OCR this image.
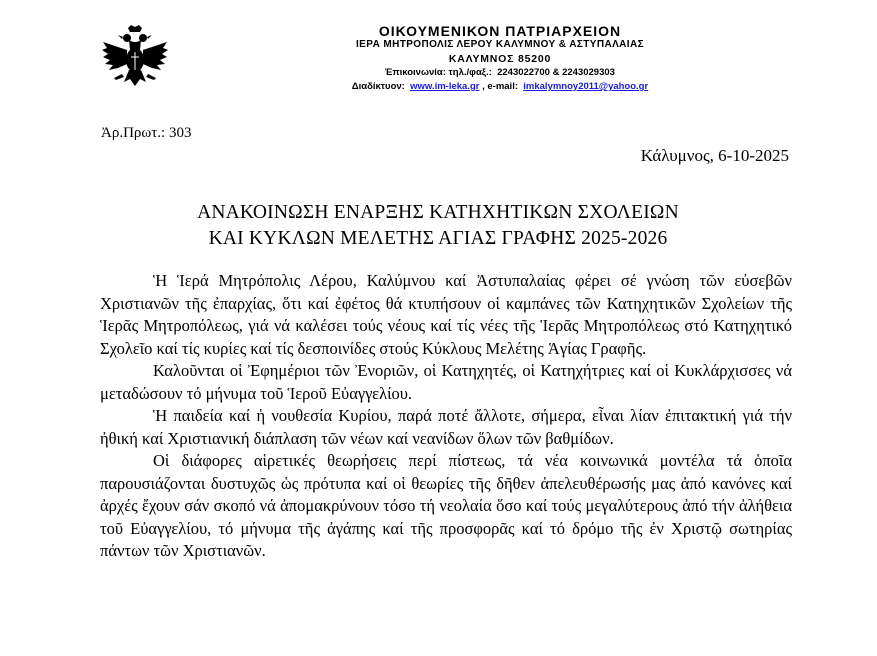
ΟΙΚΟΥΜΕΝΙΚΟΝ ΠΑΤΡΙΑΡΧΕΙΟΝ
ΙΕΡΑ ΜΗΤΡΟΠΟΛΙΣ ΛΕΡΟΥ ΚΑΛΥΜΝΟΥ & ΑΣΤΥΠΑΛΑΙΑΣ
ΚΑΛΥΜΝΟΣ 85200
Ἐπικοινωνία: τηλ./φαξ.: 2243022700 & 2243029303
Διαδίκτυον: www.im-leka.gr , e-mail: imkalymnoy2011@yahoo.gr
Ἀρ.Πρωτ.: 303
Κάλυμνος, 6-10-2025
ΑΝΑΚΟΙΝΩΣΗ ΕΝΑΡΞΗΣ ΚΑΤΗΧΗΤΙΚΩΝ ΣΧΟΛΕΙΩΝ
ΚΑΙ ΚΥΚΛΩΝ ΜΕΛΕΤΗΣ ΑΓΙΑΣ ΓΡΑΦΗΣ 2025-2026

Ἡ Ἱερά Μητρόπολις Λέρου, Καλύμνου καί Ἀστυπαλαίας φέρει σέ γνώση τῶν εὐσεβῶν Χριστιανῶν τῆς ἐπαρχίας, ὅτι καί ἐφέτος θά κτυπήσουν οἱ καμπάνες τῶν Κατηχητικῶν Σχολείων τῆς Ἱερᾶς Μητροπόλεως, γιά νά καλέσει τούς νέους καί τίς νέες τῆς Ἱερᾶς Μητροπόλεως στό Κατηχητικό Σχολεῖο καί τίς κυρίες καί τίς δεσποινίδες στούς Κύκλους Μελέτης Ἁγίας Γραφῆς.

Καλοῦνται οἱ Ἐφημέριοι τῶν Ἐνοριῶν, οἱ Κατηχητές, οἱ Κατηχήτριες καί οἱ Κυκλάρχισσες νά μεταδώσουν τό μήνυμα τοῦ Ἱεροῦ Εὐαγγελίου.

Ἡ παιδεία καί ἡ νουθεσία Κυρίου, παρά ποτέ ἄλλοτε, σήμερα, εἶναι λίαν ἐπιτακτική γιά τήν ἠθική καί Χριστιανική διάπλαση τῶν νέων καί νεανίδων ὅλων τῶν βαθμίδων.

Οἱ διάφορες αἱρετικές θεωρήσεις περί πίστεως, τά νέα κοινωνικά μοντέλα τά ὁποῖα παρουσιάζονται δυστυχῶς ὡς πρότυπα καί οἱ θεωρίες τῆς δῆθεν ἀπελευθέρωσής μας ἀπό κανόνες καί ἀρχές ἔχουν σάν σκοπό νά ἀπομακρύνουν τόσο τή νεολαία ὅσο καί τούς μεγαλύτερους ἀπό τήν ἀλήθεια τοῦ Εὐαγγελίου, τό μήνυμα τῆς ἀγάπης καί τῆς προσφορᾶς καί τό δρόμο τῆς ἐν Χριστῷ σωτηρίας πάντων τῶν Χριστιανῶν.
